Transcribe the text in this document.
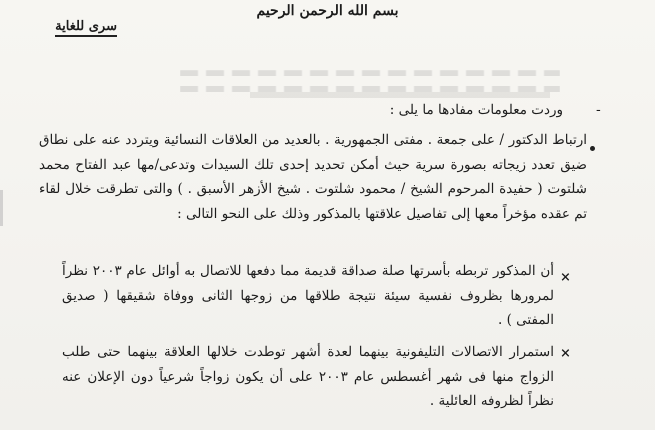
بسم الله الرحمن الرحيم
سرى للغاية
-
وردت معلومات مفادها ما يلى :
ارتباط الدكتور / على جمعة . مفتى الجمهورية . بالعديد من العلاقات النسائية ويتردد عنه على نطاق ضيق تعدد زيجاته بصورة سرية حيث أمكن تحديد إحدى تلك السيدات وتدعى/مها عبد الفتاح محمد شلتوت ( حفيدة المرحوم الشيخ / محمود شلتوت . شيخ الأزهر الأسبق . ) والتى تطرقت خلال لقاء تم عقده مؤخراً معها إلى تفاصيل علاقتها بالمذكور وذلك على النحو التالى :
×
أن المذكور تربطه بأسرتها صلة صداقة قديمة مما دفعها للاتصال به أوائل عام ٢٠٠٣ نظراً لمرورها بظروف نفسية سيئة نتيجة طلاقها من زوجها الثانى ووفاة شقيقها ( صديق المفتى ) .
×
استمرار الاتصالات التليفونية بينهما لعدة أشهر توطدت خلالها العلاقة بينهما حتى طلب الزواج منها فى شهر أغسطس عام ٢٠٠٣ على أن يكون زواجاً شرعياً دون الإعلان عنه نظراً لظروفه العائلية .
